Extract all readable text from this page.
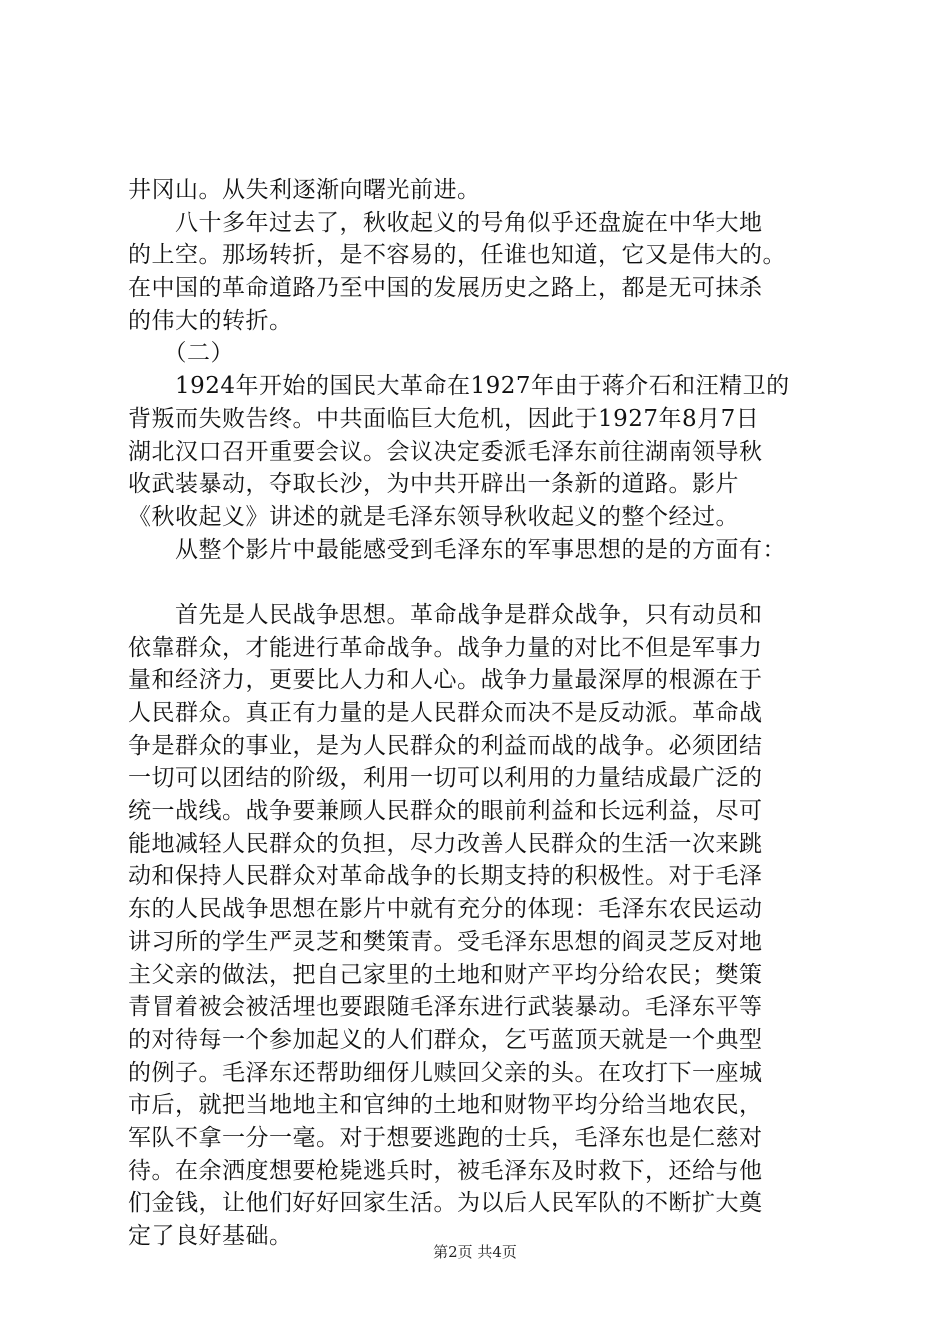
井冈山。从失利逐渐向曙光前进。
　　八十多年过去了，秋收起义的号角似乎还盘旋在中华大地
的上空。那场转折，是不容易的，任谁也知道，它又是伟大的。
在中国的革命道路乃至中国的发展历史之路上，都是无可抹杀
的伟大的转折。
　　（二）
　　1924年开始的国民大革命在1927年由于蒋介石和汪精卫的
背叛而失败告终。中共面临巨大危机，因此于1927年8月7日
湖北汉口召开重要会议。会议决定委派毛泽东前往湖南领导秋
收武装暴动，夺取长沙，为中共开辟出一条新的道路。影片
《秋收起义》讲述的就是毛泽东领导秋收起义的整个经过。
　　从整个影片中最能感受到毛泽东的军事思想的是的方面有：
　　首先是人民战争思想。革命战争是群众战争，只有动员和
依靠群众，才能进行革命战争。战争力量的对比不但是军事力
量和经济力，更要比人力和人心。战争力量最深厚的根源在于
人民群众。真正有力量的是人民群众而决不是反动派。革命战
争是群众的事业，是为人民群众的利益而战的战争。必须团结
一切可以团结的阶级，利用一切可以利用的力量结成最广泛的
统一战线。战争要兼顾人民群众的眼前利益和长远利益，尽可
能地减轻人民群众的负担，尽力改善人民群众的生活一次来跳
动和保持人民群众对革命战争的长期支持的积极性。对于毛泽
东的人民战争思想在影片中就有充分的体现：毛泽东农民运动
讲习所的学生严灵芝和樊策青。受毛泽东思想的阎灵芝反对地
主父亲的做法，把自己家里的土地和财产平均分给农民；樊策
青冒着被会被活埋也要跟随毛泽东进行武装暴动。毛泽东平等
的对待每一个参加起义的人们群众，乞丐蓝顶天就是一个典型
的例子。毛泽东还帮助细伢儿赎回父亲的头。在攻打下一座城
市后，就把当地地主和官绅的土地和财物平均分给当地农民，
军队不拿一分一毫。对于想要逃跑的士兵，毛泽东也是仁慈对
待。在余洒度想要枪毙逃兵时，被毛泽东及时救下，还给与他
们金钱，让他们好好回家生活。为以后人民军队的不断扩大奠
定了良好基础。
第2页 共4页
